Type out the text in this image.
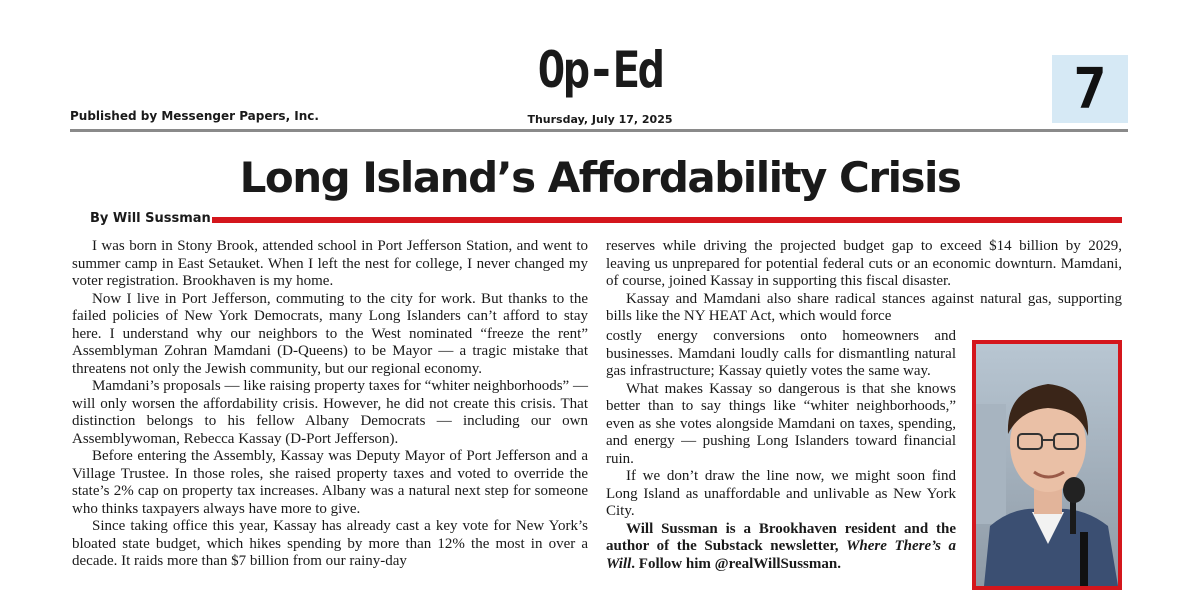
Published by Messenger Papers, Inc.
Op-Ed
Thursday, July 17, 2025	7
Long Island’s Affordability Crisis
By Will Sussman

I was born in Stony Brook, attended school in Port Jefferson Station, and went to summer camp in East Setauket. When I left the nest for college, I never changed my voter registration. Brookhaven is my home.

Now I live in Port Jefferson, commuting to the city for work. But thanks to the failed policies of New York Democrats, many Long Islanders can’t afford to stay here. I understand why our neighbors to the West nominated “freeze the rent” Assemblyman Zohran Mamdani (D-Queens) to be Mayor — a tragic mistake that threatens not only the Jewish community, but our regional economy.

Mamdani’s proposals — like raising property taxes for “whiter neighborhoods” — will only worsen the affordability crisis. However, he did not create this crisis. That distinction belongs to his fellow Albany Democrats — including our own Assemblywoman, Rebecca Kassay (D-Port Jefferson).

Before entering the Assembly, Kassay was Deputy Mayor of Port Jefferson and a Village Trustee. In those roles, she raised property taxes and voted to override the state’s 2% cap on property tax increases. Albany was a natural next step for someone who thinks taxpayers always have more to give.

Since taking office this year, Kassay has already cast a key vote for New York’s bloated state budget, which hikes spending by more than 12% the most in over a decade. It raids more than $7 billion from our rainy-day

reserves while driving the projected budget gap to exceed $14 billion by 2029, leaving us unprepared for potential federal cuts or an economic downturn. Mamdani, of course, joined Kassay in supporting this fiscal disaster.

Kassay and Mamdani also share radical stances against natural gas, supporting bills like the NY HEAT Act, which would force

costly energy conversions onto homeowners and businesses. Mamdani loudly calls for dismantling natural gas infrastructure; Kassay quietly votes the same way.

What makes Kassay so dangerous is that she knows better than to say things like “whiter neighborhoods,” even as she votes alongside Mamdani on taxes, spending, and energy — pushing Long Islanders toward financial ruin.

If we don’t draw the line now, we might soon find Long Island as unaffordable and unlivable as New York City.

Will Sussman is a Brookhaven resident and the author of the Substack newsletter, Where There’s a Will. Follow him @realWillSussman.
